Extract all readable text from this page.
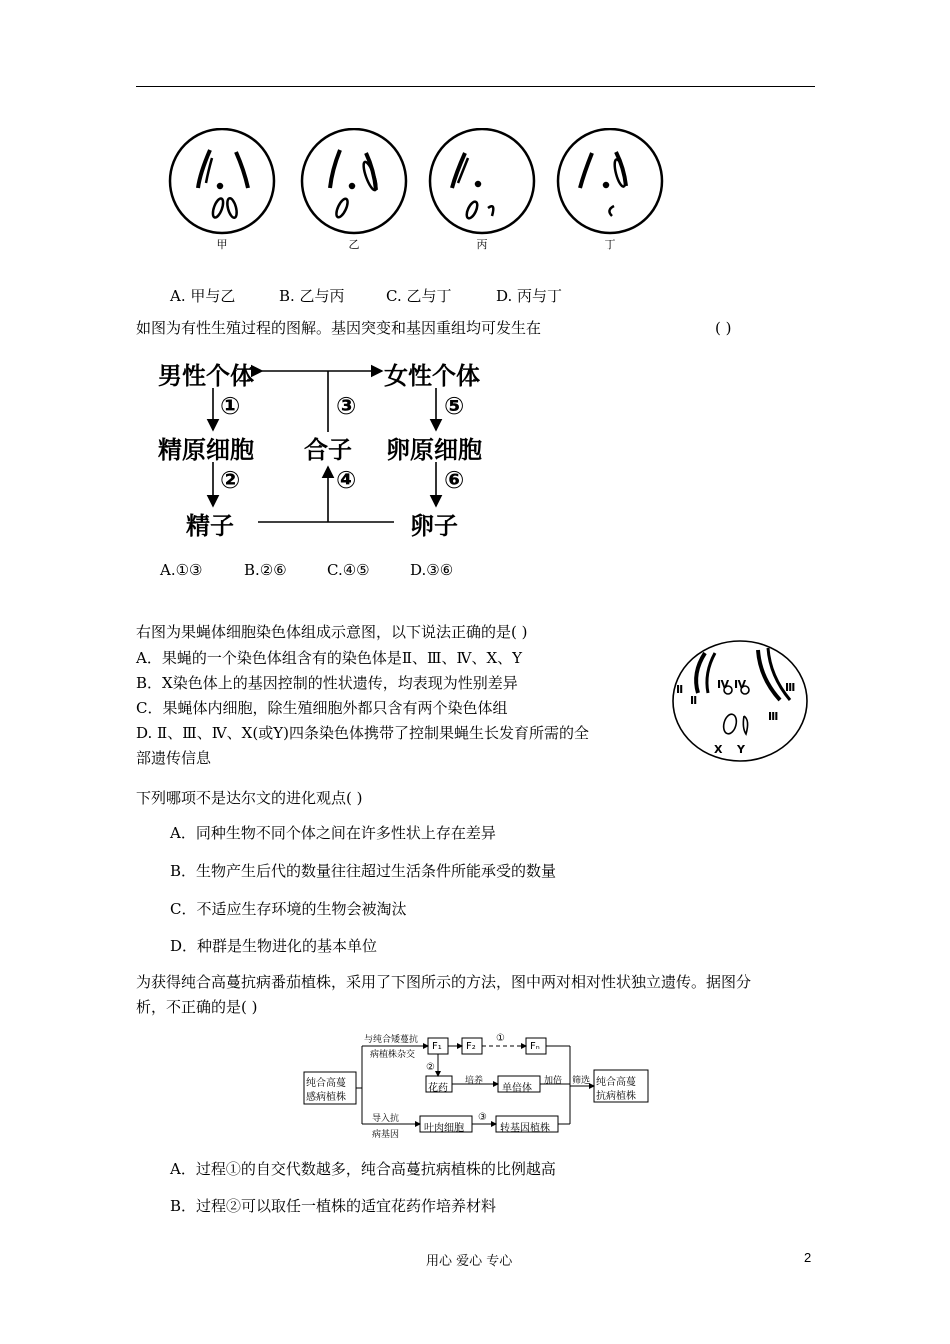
甲	乙	丙	丁
A. 甲与乙	B. 乙与丙	C. 乙与丁	D. 丙与丁
如图为有性生殖过程的图解。基因突变和基因重组均可发生在	( )
男性个体	女性个体
①	③	⑤
精原细胞 合子 卵原细胞
②	④	⑥
精子	卵子
A.①③	B.②⑥	C.④⑤	D.③⑥
右图为果蝇体细胞染色体组成示意图，以下说法正确的是( )
A．果蝇的一个染色体组含有的染色体是Ⅱ、Ⅲ、Ⅳ、X、Y
B．X染色体上的基因控制的性状遗传，均表现为性别差异
C．果蝇体内细胞，除生殖细胞外都只含有两个染色体组
D. Ⅱ、Ⅲ、Ⅳ、X(或Y)四条染色体携带了控制果蝇生长发育所需的全
部遗传信息
Ⅱ
Ⅱ
Ⅳ Ⅳ	Ⅲ
Ⅲ
X Y
下列哪项不是达尔文的进化观点( )
A．同种生物不同个体之间在许多性状上存在差异
B．生物产生后代的数量往往超过生活条件所能承受的数量
C．不适应生存环境的生物会被淘汰
D．种群是生物进化的基本单位
为获得纯合高蔓抗病番茄植株，采用了下图所示的方法，图中两对相对性状独立遗传。据图分
析，不正确的是( )
纯合高蔓
感病植株
与纯合矮蔓抗
病植株杂交
F₁ F₂	Fₙ
①
②
花药
培养
单倍体
加倍 筛选 纯合高蔓
抗病植株
导入抗
病基因
叶肉细胞
③
转基因植株
A．过程①的自交代数越多，纯合高蔓抗病植株的比例越高
B．过程②可以取任一植株的适宜花药作培养材料
用心 爱心 专心	2
